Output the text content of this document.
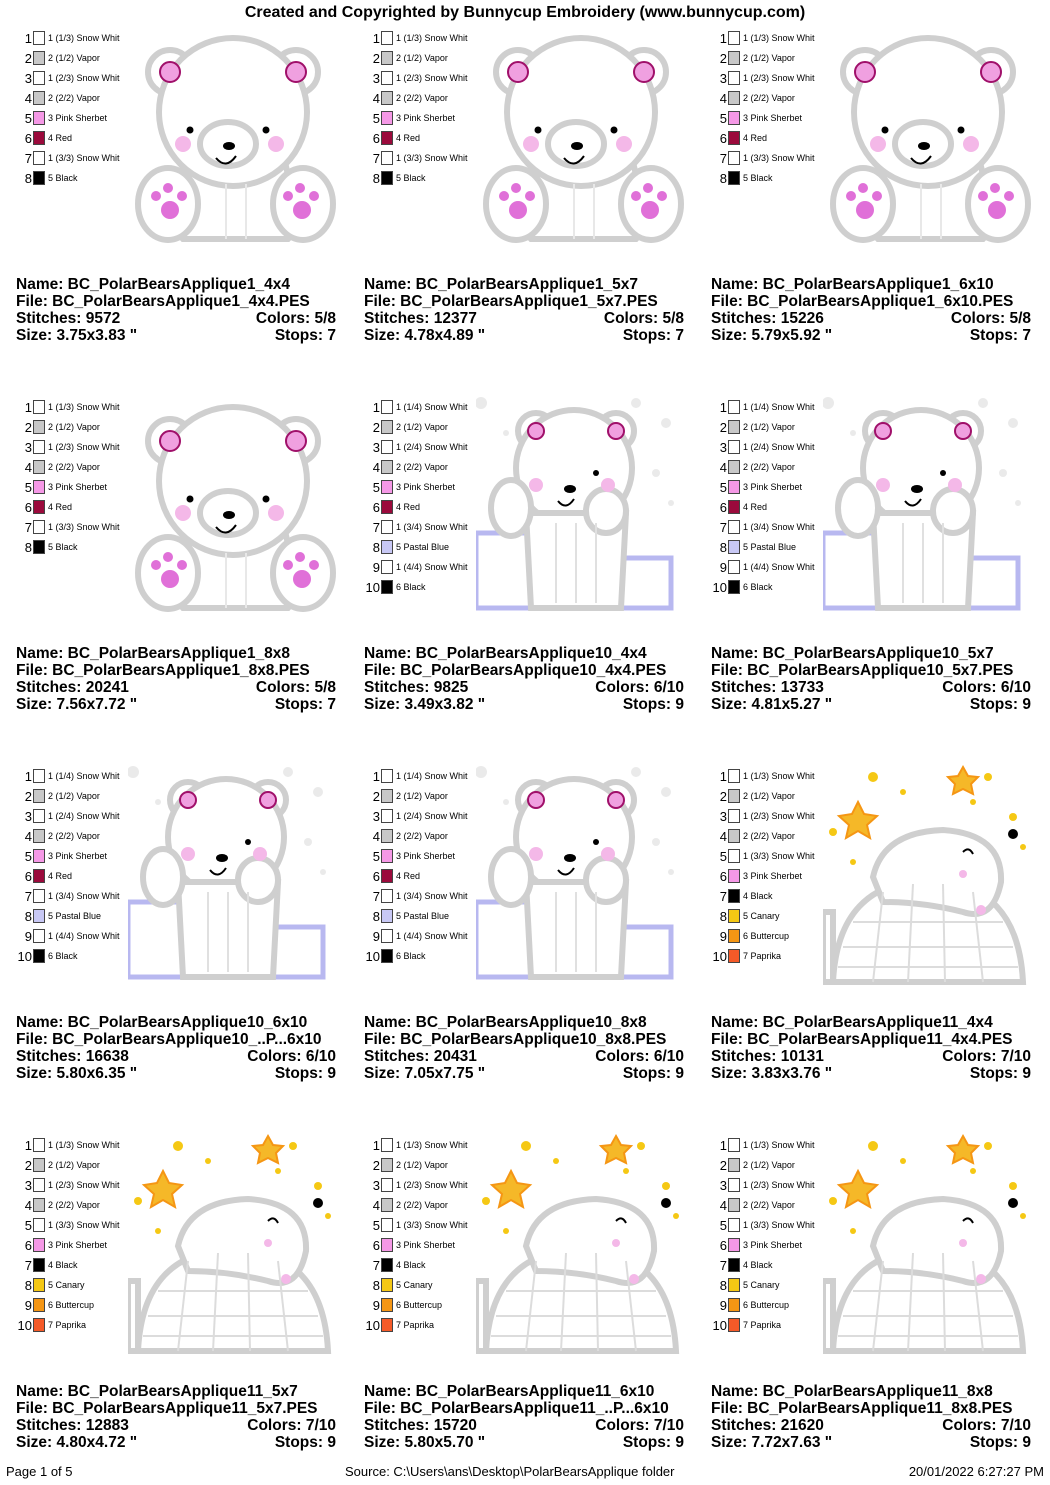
Created and Copyrighted by Bunnycup Embroidery (www.bunnycup.com)
1 1 (1/3) Snow Whit
2 2 (1/2) Vapor
3 1 (2/3) Snow Whit
4 2 (2/2) Vapor
5 3 Pink Sherbet
6 4 Red
7 1 (3/3) Snow Whit
8 5 Black
Name: BC_PolarBearsApplique1_4x4
File: BC_PolarBearsApplique1_4x4.PES
Stitches: 9572	Colors: 5/8
Size: 3.75x3.83 "	Stops: 7
1 1 (1/3) Snow Whit
2 2 (1/2) Vapor
3 1 (2/3) Snow Whit
4 2 (2/2) Vapor
5 3 Pink Sherbet
6 4 Red
7 1 (3/3) Snow Whit
8 5 Black
Name: BC_PolarBearsApplique1_5x7
File: BC_PolarBearsApplique1_5x7.PES
Stitches: 12377	Colors: 5/8
Size: 4.78x4.89 "	Stops: 7
1 1 (1/3) Snow Whit
2 2 (1/2) Vapor
3 1 (2/3) Snow Whit
4 2 (2/2) Vapor
5 3 Pink Sherbet
6 4 Red
7 1 (3/3) Snow Whit
8 5 Black
Name: BC_PolarBearsApplique1_6x10
File: BC_PolarBearsApplique1_6x10.PES
Stitches: 15226	Colors: 5/8
Size: 5.79x5.92 "	Stops: 7
1 1 (1/3) Snow Whit
2 2 (1/2) Vapor
3 1 (2/3) Snow Whit
4 2 (2/2) Vapor
5 3 Pink Sherbet
6 4 Red
7 1 (3/3) Snow Whit
8 5 Black
Name: BC_PolarBearsApplique1_8x8
File: BC_PolarBearsApplique1_8x8.PES
Stitches: 20241	Colors: 5/8
Size: 7.56x7.72 "	Stops: 7
1 1 (1/4) Snow Whit
2 2 (1/2) Vapor
3 1 (2/4) Snow Whit
4 2 (2/2) Vapor
5 3 Pink Sherbet
6 4 Red
7 1 (3/4) Snow Whit
8 5 Pastal Blue
9 1 (4/4) Snow Whit
10 6 Black
Name: BC_PolarBearsApplique10_4x4
File: BC_PolarBearsApplique10_4x4.PES
Stitches: 9825	Colors: 6/10
Size: 3.49x3.82 "	Stops: 9
1 1 (1/4) Snow Whit
2 2 (1/2) Vapor
3 1 (2/4) Snow Whit
4 2 (2/2) Vapor
5 3 Pink Sherbet
6 4 Red
7 1 (3/4) Snow Whit
8 5 Pastal Blue
9 1 (4/4) Snow Whit
10 6 Black
Name: BC_PolarBearsApplique10_5x7
File: BC_PolarBearsApplique10_5x7.PES
Stitches: 13733	Colors: 6/10
Size: 4.81x5.27 "	Stops: 9
1 1 (1/4) Snow Whit
2 2 (1/2) Vapor
3 1 (2/4) Snow Whit
4 2 (2/2) Vapor
5 3 Pink Sherbet
6 4 Red
7 1 (3/4) Snow Whit
8 5 Pastal Blue
9 1 (4/4) Snow Whit
10 6 Black
Name: BC_PolarBearsApplique10_6x10
File: BC_PolarBearsApplique10_..P...6x10
Stitches: 16638	Colors: 6/10
Size: 5.80x6.35 "	Stops: 9
1 1 (1/4) Snow Whit
2 2 (1/2) Vapor
3 1 (2/4) Snow Whit
4 2 (2/2) Vapor
5 3 Pink Sherbet
6 4 Red
7 1 (3/4) Snow Whit
8 5 Pastal Blue
9 1 (4/4) Snow Whit
10 6 Black
Name: BC_PolarBearsApplique10_8x8
File: BC_PolarBearsApplique10_8x8.PES
Stitches: 20431	Colors: 6/10
Size: 7.05x7.75 "	Stops: 9
1 1 (1/3) Snow Whit
2 2 (1/2) Vapor
3 1 (2/3) Snow Whit
4 2 (2/2) Vapor
5 1 (3/3) Snow Whit
6 3 Pink Sherbet
7 4 Black
8 5 Canary
9 6 Buttercup
10 7 Paprika
Name: BC_PolarBearsApplique11_4x4
File: BC_PolarBearsApplique11_4x4.PES
Stitches: 10131	Colors: 7/10
Size: 3.83x3.76 "	Stops: 9
1 1 (1/3) Snow Whit
2 2 (1/2) Vapor
3 1 (2/3) Snow Whit
4 2 (2/2) Vapor
5 1 (3/3) Snow Whit
6 3 Pink Sherbet
7 4 Black
8 5 Canary
9 6 Buttercup
10 7 Paprika
Name: BC_PolarBearsApplique11_5x7
File: BC_PolarBearsApplique11_5x7.PES
Stitches: 12883	Colors: 7/10
Size: 4.80x4.72 "	Stops: 9
1 1 (1/3) Snow Whit
2 2 (1/2) Vapor
3 1 (2/3) Snow Whit
4 2 (2/2) Vapor
5 1 (3/3) Snow Whit
6 3 Pink Sherbet
7 4 Black
8 5 Canary
9 6 Buttercup
10 7 Paprika
Name: BC_PolarBearsApplique11_6x10
File: BC_PolarBearsApplique11_..P...6x10
Stitches: 15720	Colors: 7/10
Size: 5.80x5.70 "	Stops: 9
1 1 (1/3) Snow Whit
2 2 (1/2) Vapor
3 1 (2/3) Snow Whit
4 2 (2/2) Vapor
5 1 (3/3) Snow Whit
6 3 Pink Sherbet
7 4 Black
8 5 Canary
9 6 Buttercup
10 7 Paprika
Name: BC_PolarBearsApplique11_8x8
File: BC_PolarBearsApplique11_8x8.PES
Stitches: 21620	Colors: 7/10
Size: 7.72x7.63 "	Stops: 9
Page 1 of 5	Source: C:\Users\ans\Desktop\PolarBearsApplique folder	20/01/2022 6:27:27 PM
